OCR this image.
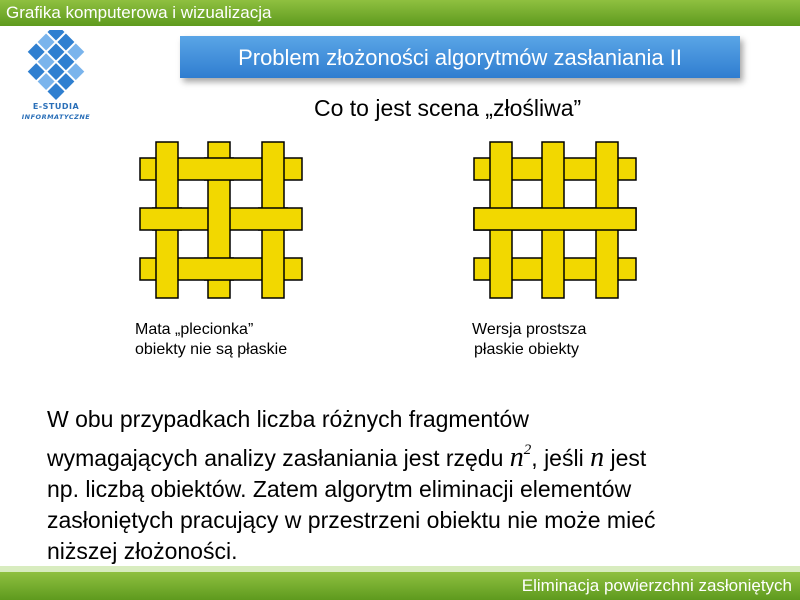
Grafika komputerowa i wizualizacja
E-STUDIA
INFORMATYCZNE
Problem złożoności algorytmów zasłaniania II
Co to jest scena „złośliwa”
Mata „plecionka”
obiekty nie są płaskie
Wersja prostsza
płaskie obiekty
W obu przypadkach liczba różnych fragmentów
wymagających analizy zasłaniania jest rzędu $n^2$, jeśli n jest
np. liczbą obiektów. Zatem algorytm eliminacji elementów
zasłoniętych pracujący w przestrzeni obiektu nie może mieć
niższej złożoności.
Eliminacja powierzchni zasłoniętych
